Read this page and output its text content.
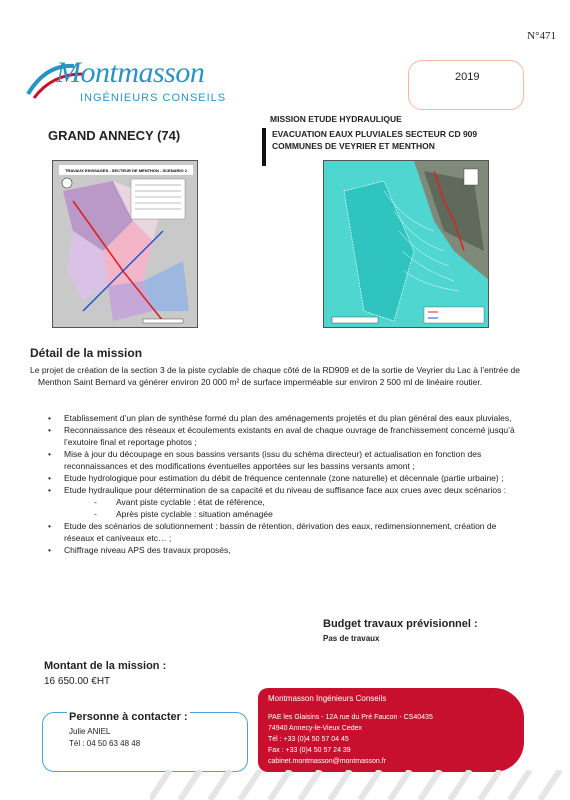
N°471
Montmasson
INGÉNIEURS CONSEILS
2019
MISSION ETUDE HYDRAULIQUE
GRAND ANNECY (74)	EVACUATION EAUX PLUVIALES SECTEUR CD 909
COMMUNES DE VEYRIER ET MENTHON
TRAVAUX ENVISAGES - SECTEUR DE MENTHON - SCENARIO 2
Détail de la mission

Le projet de création de la section 3 de la piste cyclable de chaque côté de la RD909 et de la sortie de Veyrier du Lac à l’entrée de Menthon Saint Bernard va générer environ 20 000 m² de surface imperméable sur environ 2 500 ml de linéaire routier.

• Etablissement d’un plan de synthèse formé du plan des aménagements projetés et du plan général des eaux pluviales,
• Reconnaissance des réseaux et écoulements existants en aval de chaque ouvrage de franchissement concerné jusqu’à l’exutoire final et reportage photos ;
• Mise à jour du découpage en sous bassins versants (issu du schéma directeur) et actualisation en fonction des reconnaissances et des modifications éventuelles apportées sur les bassins versants amont ;
• Etude hydrologique pour estimation du débit de fréquence centennale (zone naturelle) et décennale (partie urbaine) ;
• Etude hydraulique pour détermination de sa capacité et du niveau de suffisance face aux crues avec deux scénarios :
- Avant piste cyclable : état de référence,
- Après piste cyclable : situation aménagée
• Etude des scénarios de solutionnement : bassin de rétention, dérivation des eaux, redimensionnement, création de réseaux et caniveaux etc… ;
• Chiffrage niveau APS des travaux proposés,
Budget travaux prévisionnel :
Pas de travaux
Montant de la mission :
16 650.00 €HT
Personne à contacter :
Julie ANIEL
Tél : 04 50 63 48 48
Montmasson Ingénieurs Conseils
PAE les Glaisins - 12A rue du Pré Faucon - CS40435
74940 Annecy-le-Vieux Cedex
Tél : +33 (0)4 50 57 04 45
Fax : +33 (0)4 50 57 24 39
cabinet.montmasson@montmasson.fr
